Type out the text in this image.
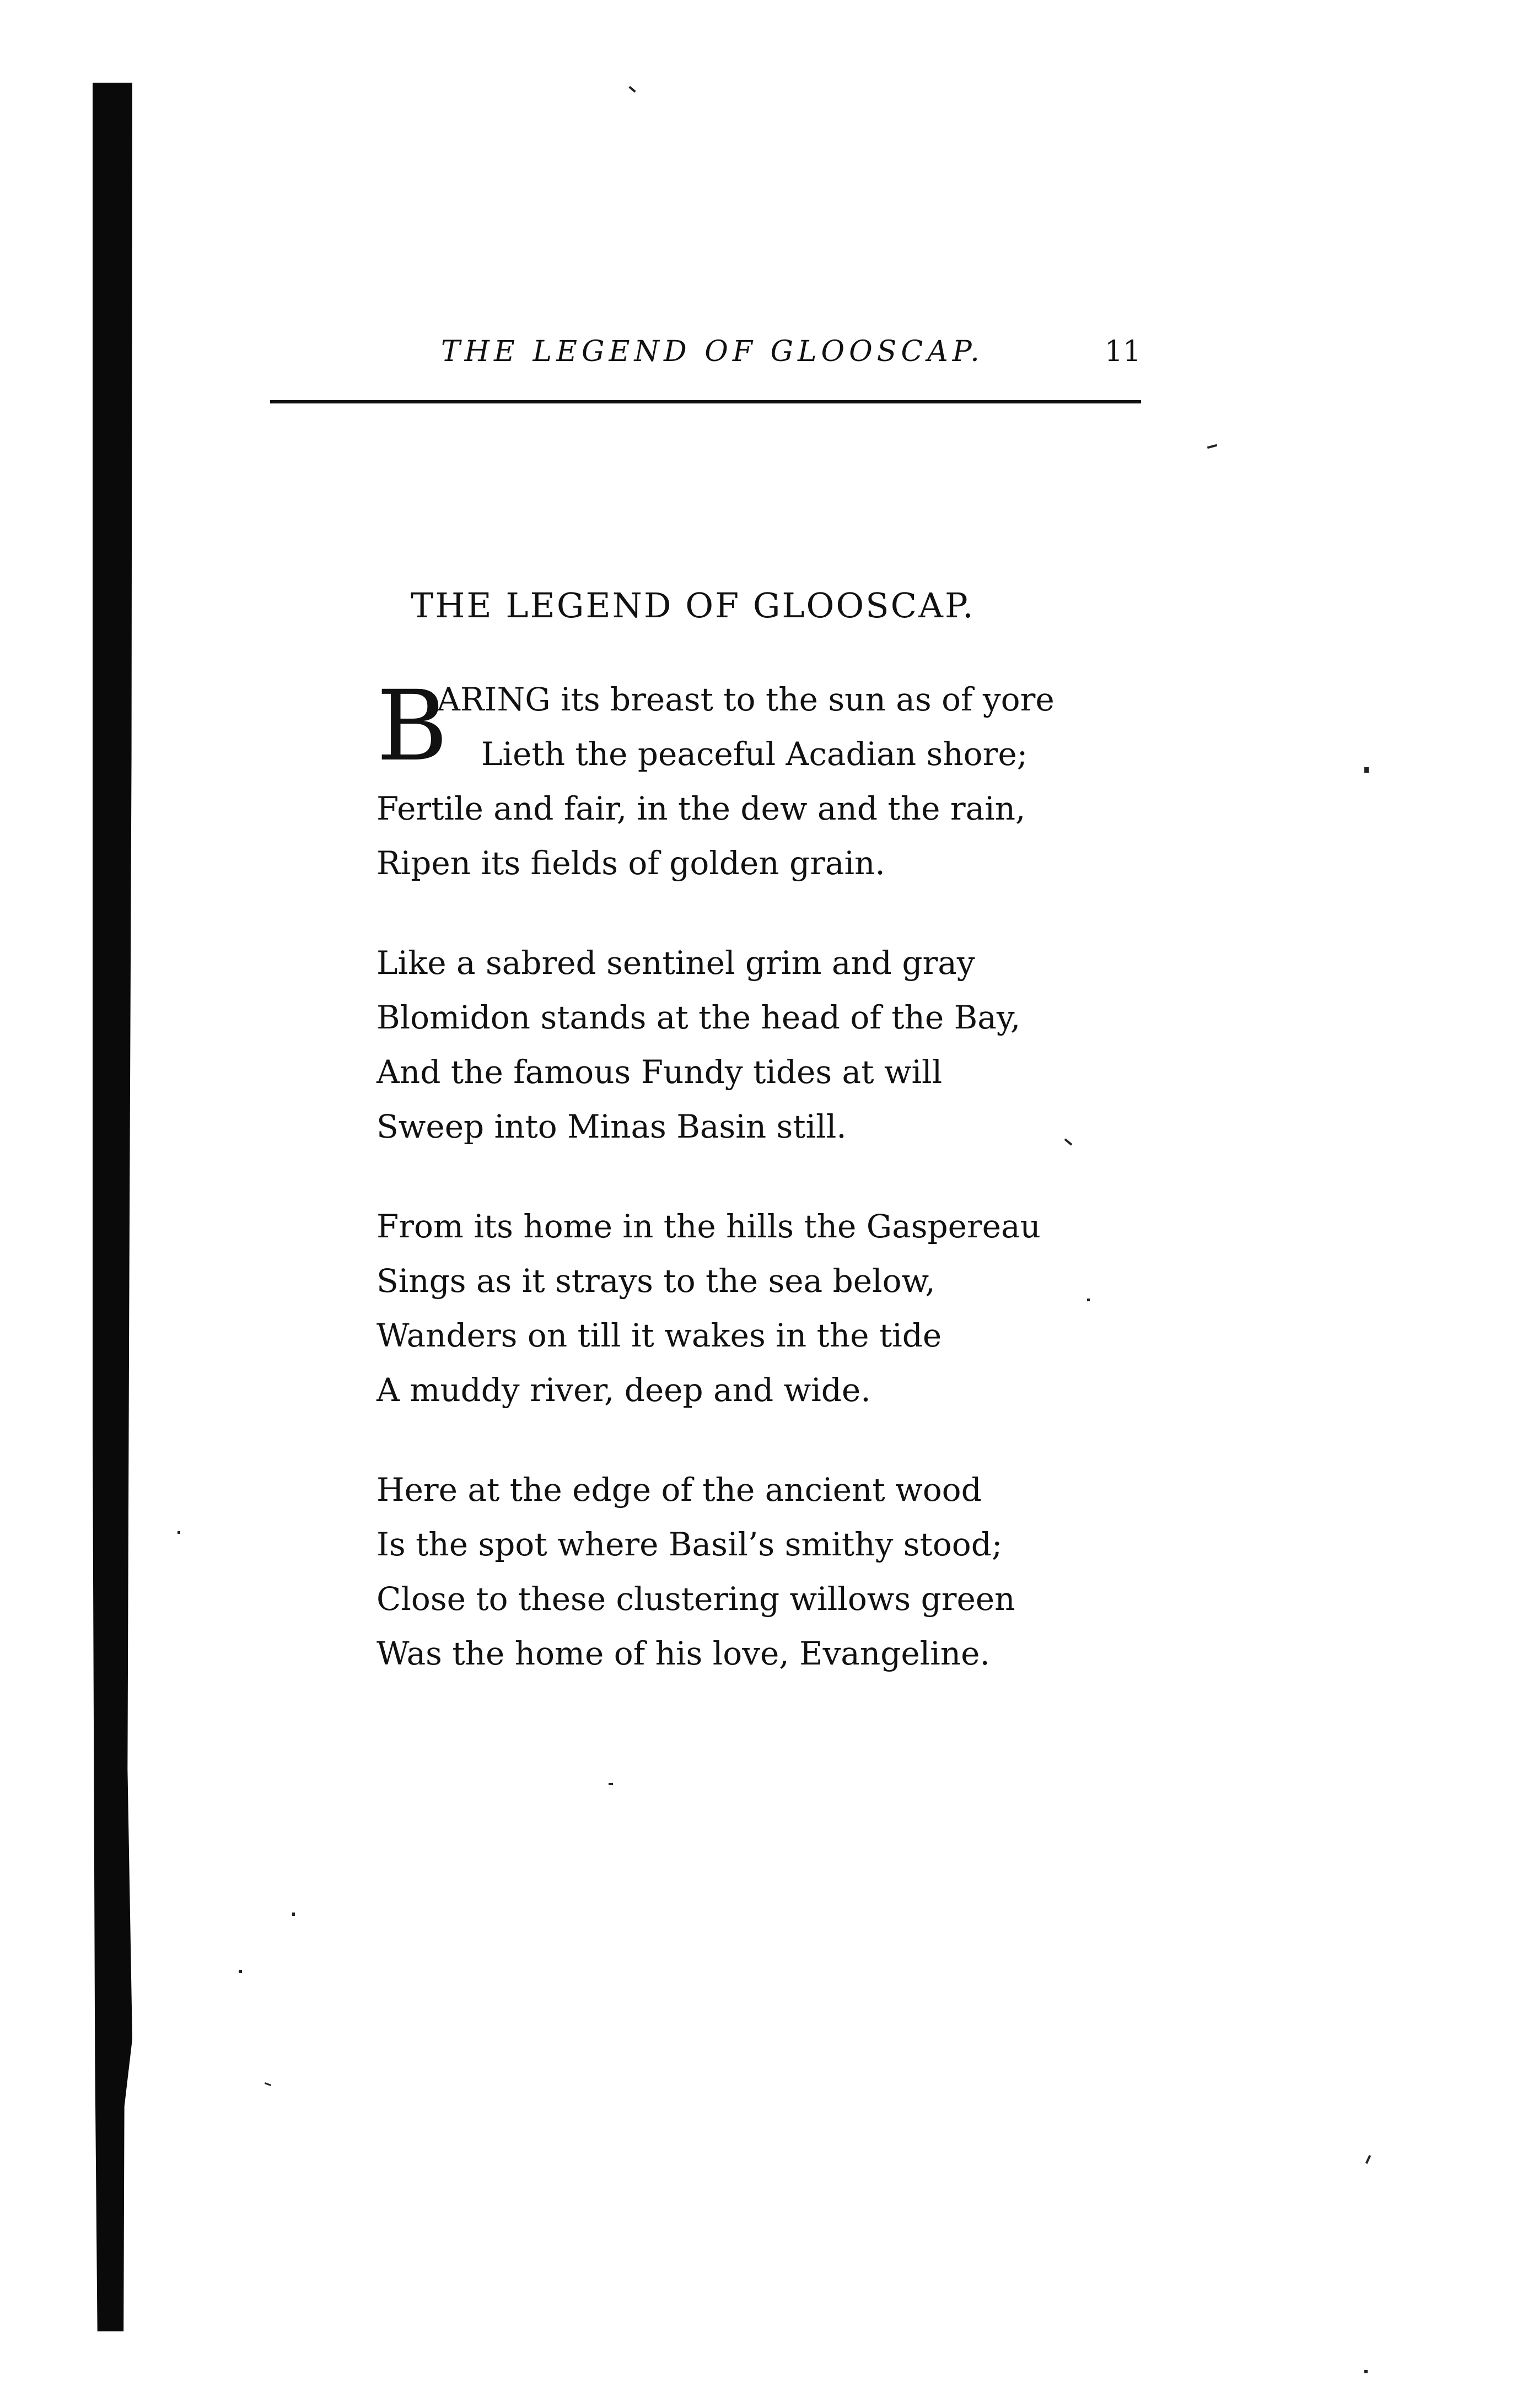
THE LEGEND OF GLOOSCAP.	11
THE LEGEND OF GLOOSCAP.
B
ARING its breast to the sun as of yore
Lieth the peaceful Acadian shore;
Fertile and fair, in the dew and the rain,
Ripen its fields of golden grain.
Like a sabred sentinel grim and gray
Blomidon stands at the head of the Bay,
And the famous Fundy tides at will
Sweep into Minas Basin still.
From its home in the hills the Gaspereau
Sings as it strays to the sea below,
Wanders on till it wakes in the tide
A muddy river, deep and wide.
Here at the edge of the ancient wood
Is the spot where Basil’s smithy stood;
Close to these clustering willows green
Was the home of his love, Evangeline.
